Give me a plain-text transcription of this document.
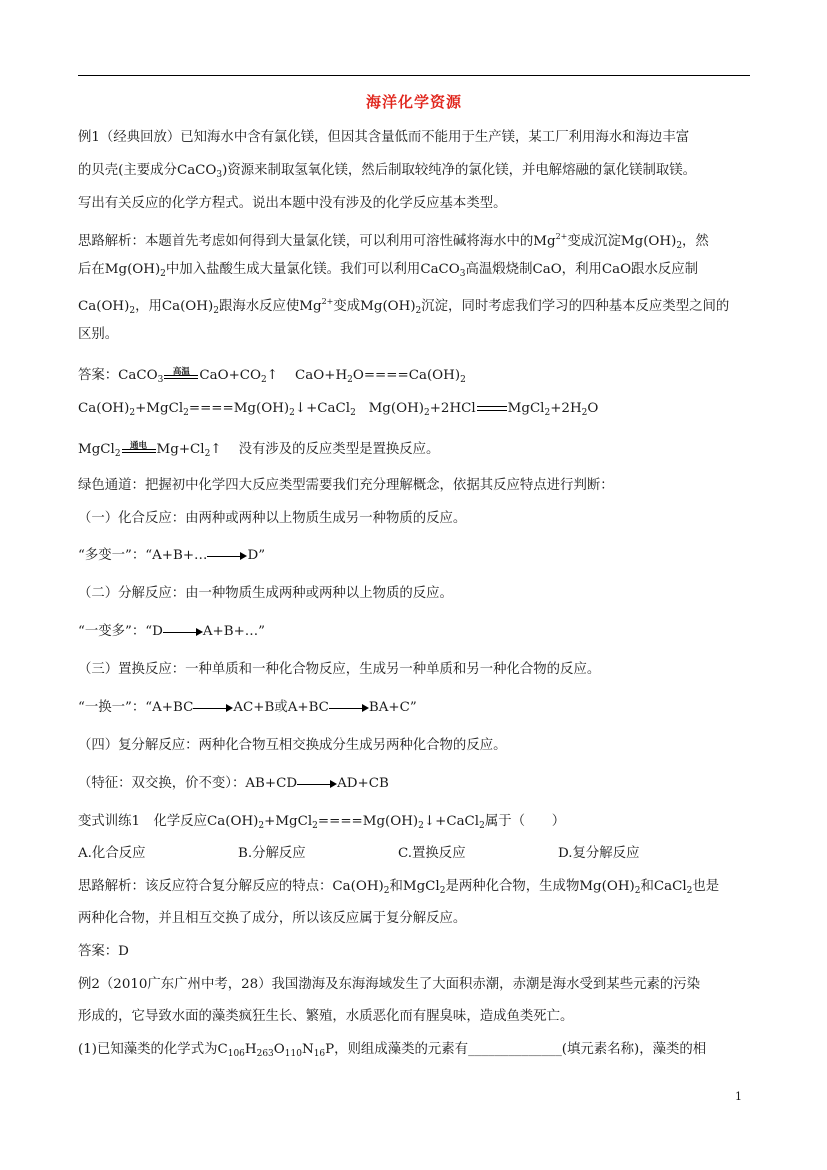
海洋化学资源
例1（经典回放）已知海水中含有氯化镁，但因其含量低而不能用于生产镁，某工厂利用海水和海边丰富
的贝壳(主要成分CaCO$_3$)资源来制取氢氧化镁，然后制取较纯净的氯化镁，并电解熔融的氯化镁制取镁。
写出有关反应的化学方程式。说出本题中没有涉及的化学反应基本类型。
思路解析：本题首先考虑如何得到大量氯化镁，可以利用可溶性碱将海水中的$Mg^{2+}$变成沉淀$Mg(OH)_2$，然
后在$Mg(OH)_2$中加入盐酸生成大量氯化镁。我们可以利用CaCO$_3$高温煅烧制CaO，利用CaO跟水反应制
$Ca(OH)_2$，用$Ca(OH)_2$跟海水反应使$Mg^{2+}$变成$Mg(OH)_2$沉淀，同时考虑我们学习的四种基本反应类型之间的
区别。
答案：CaCO$_3$
高温 $CaO+CO_2↑$ $CaO+H_2O====Ca(OH)_2$
$Ca(OH)_2+MgCl_2====Mg(OH)_2↓+CaCl_2$ $Mg(OH)_2+2HCl$ $MgCl_2+2H_2O$
MgCl$_2$
通电 $Mg+Cl_2↑$ 没有涉及的反应类型是置换反应。
绿色通道：把握初中化学四大反应类型需要我们充分理解概念，依据其反应特点进行判断：
（一）化合反应：由两种或两种以上物质生成另一种物质的反应。
“多变一”：“A+B+…	D”
（二）分解反应：由一种物质生成两种或两种以上物质的反应。
“一变多”：“D	A+B+…”
（三）置换反应：一种单质和一种化合物反应，生成另一种单质和另一种化合物的反应。
“一换一”：“A+BC	AC+B或A+BC	BA+C”
（四）复分解反应：两种化合物互相交换成分生成另两种化合物的反应。
（特征：双交换，价不变）：AB+CD	AD+CB
变式训练1　化学反应$Ca(OH)_2+MgCl_2====Mg(OH)_2↓+CaCl_2$属于（　　）
A.化合反应	B.分解反应	C.置换反应	D.复分解反应
思路解析：该反应符合复分解反应的特点：$Ca(OH)_2$和MgCl$_2$是两种化合物，生成物$Mg(OH)_2$和CaCl$_2$也是
两种化合物，并且相互交换了成分，所以该反应属于复分解反应。
答案：D
例2（2010广东广州中考，28）我国渤海及东海海域发生了大面积赤潮，赤潮是海水受到某些元素的污染
形成的，它导致水面的藻类疯狂生长、繁殖，水质恶化而有腥臭味，造成鱼类死亡。
(1)已知藻类的化学式为$C_{106}H_{263}O_{110}N_{16}P$，则组成藻类的元素有______________(填元素名称)，藻类的相
1
